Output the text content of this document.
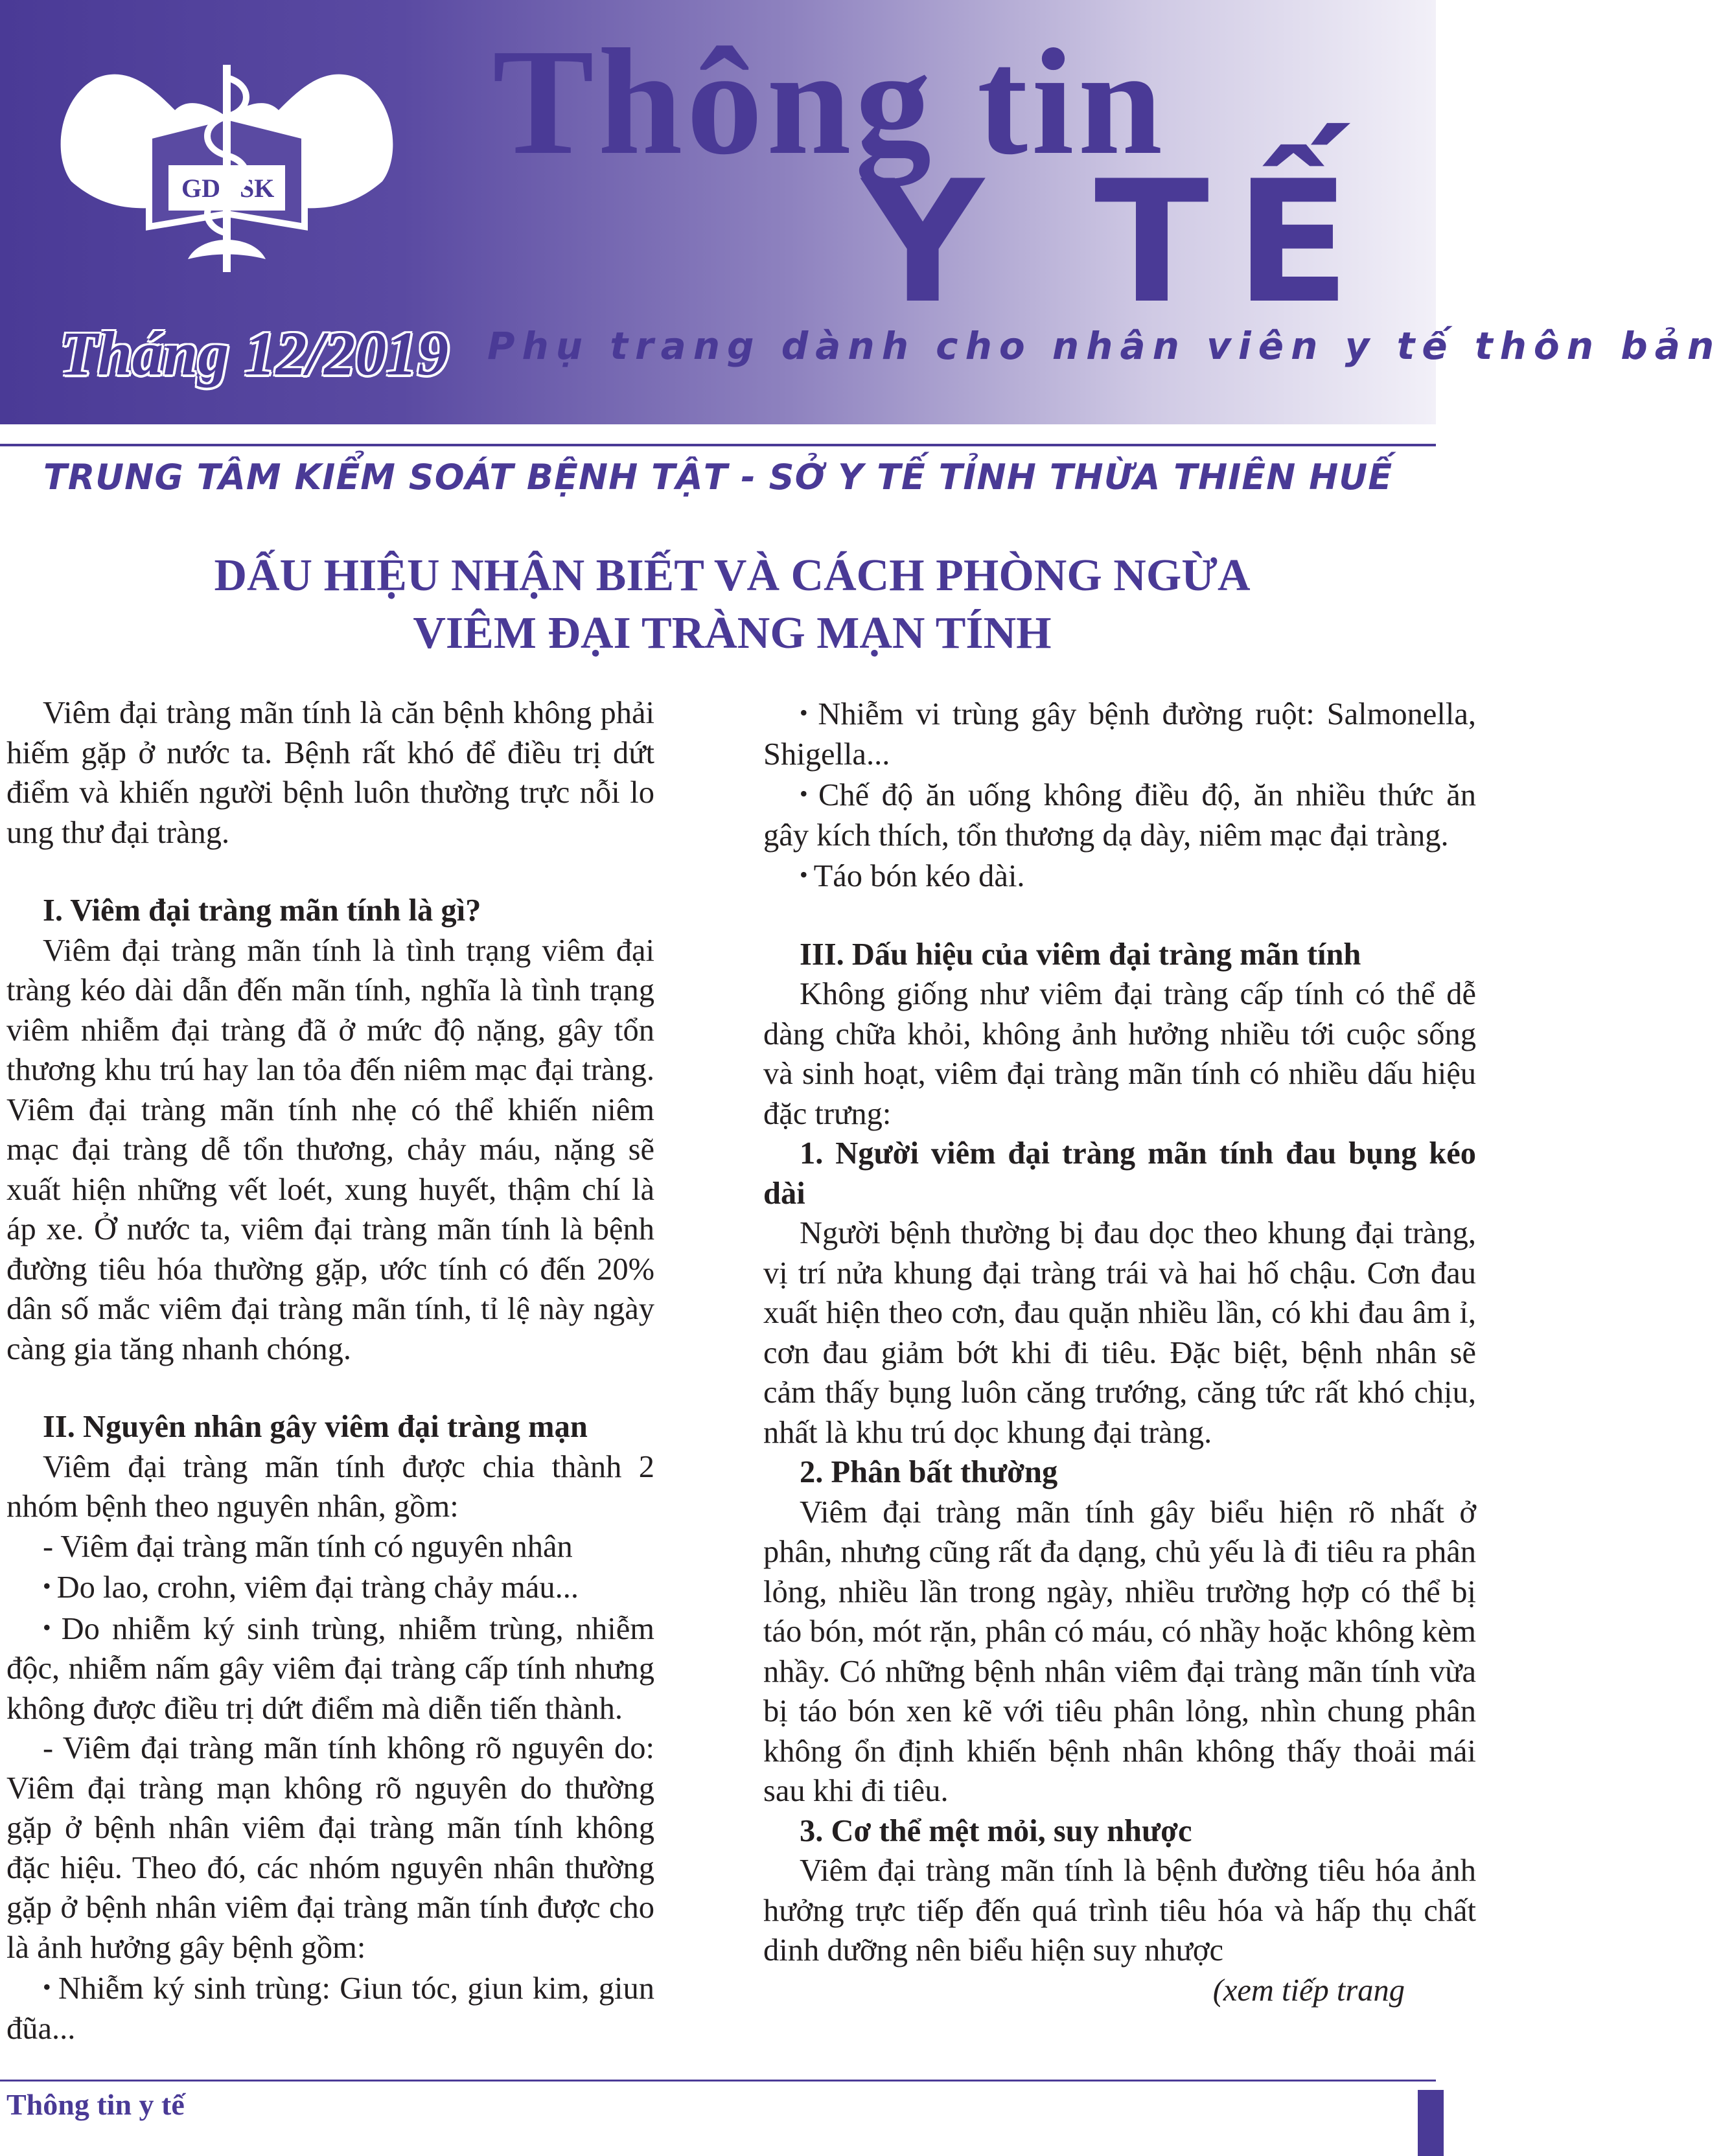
GD SK
Thông tin
Y TẾ
Tháng 12/2019 Phụ trang dành cho nhân viên y tế thôn bản
TRUNG TÂM KIỂM SOÁT BỆNH TẬT - SỞ Y TẾ TỈNH THỪA THIÊN HUẾ
DẤU HIỆU NHẬN BIẾT VÀ CÁCH PHÒNG NGỪA
VIÊM ĐẠI TRÀNG MẠN TÍNH

Viêm đại tràng mãn tính là căn bệnh không phải hiếm gặp ở nước ta. Bệnh rất khó để điều trị dứt điểm và khiến người bệnh luôn thường trực nỗi lo ung thư đại tràng.

I. Viêm đại tràng mãn tính là gì?

Viêm đại tràng mãn tính là tình trạng viêm đại tràng kéo dài dẫn đến mãn tính, nghĩa là tình trạng viêm nhiễm đại tràng đã ở mức độ nặng, gây tổn thương khu trú hay lan tỏa đến niêm mạc đại tràng. Viêm đại tràng mãn tính nhẹ có thể khiến niêm mạc đại tràng dễ tổn thương, chảy máu, nặng sẽ xuất hiện những vết loét, xung huyết, thậm chí là áp xe. Ở nước ta, viêm đại tràng mãn tính là bệnh đường tiêu hóa thường gặp, ước tính có đến 20% dân số mắc viêm đại tràng mãn tính, tỉ lệ này ngày càng gia tăng nhanh chóng.

II. Nguyên nhân gây viêm đại tràng mạn

Viêm đại tràng mãn tính được chia thành 2 nhóm bệnh theo nguyên nhân, gồm:

- Viêm đại tràng mãn tính có nguyên nhân

• Do lao, crohn, viêm đại tràng chảy máu...

• Do nhiễm ký sinh trùng, nhiễm trùng, nhiễm độc, nhiễm nấm gây viêm đại tràng cấp tính nhưng không được điều trị dứt điểm mà diễn tiến thành.

- Viêm đại tràng mãn tính không rõ nguyên do: Viêm đại tràng mạn không rõ nguyên do thường gặp ở bệnh nhân viêm đại tràng mãn tính không đặc hiệu. Theo đó, các nhóm nguyên nhân thường gặp ở bệnh nhân viêm đại tràng mãn tính được cho là ảnh hưởng gây bệnh gồm:

• Nhiễm ký sinh trùng: Giun tóc, giun kim, giun đũa...

• Nhiễm vi trùng gây bệnh đường ruột: Salmonella, Shigella...

• Chế độ ăn uống không điều độ, ăn nhiều thức ăn gây kích thích, tổn thương dạ dày, niêm mạc đại tràng.

• Táo bón kéo dài.

III. Dấu hiệu của viêm đại tràng mãn tính

Không giống như viêm đại tràng cấp tính có thể dễ dàng chữa khỏi, không ảnh hưởng nhiều tới cuộc sống và sinh hoạt, viêm đại tràng mãn tính có nhiều dấu hiệu đặc trưng:

1. Người viêm đại tràng mãn tính đau bụng kéo dài

Người bệnh thường bị đau dọc theo khung đại tràng, vị trí nửa khung đại tràng trái và hai hố chậu. Cơn đau xuất hiện theo cơn, đau quặn nhiều lần, có khi đau âm ỉ, cơn đau giảm bớt khi đi tiêu. Đặc biệt, bệnh nhân sẽ cảm thấy bụng luôn căng trướng, căng tức rất khó chịu, nhất là khu trú dọc khung đại tràng.

2. Phân bất thường

Viêm đại tràng mãn tính gây biểu hiện rõ nhất ở phân, nhưng cũng rất đa dạng, chủ yếu là đi tiêu ra phân lỏng, nhiều lần trong ngày, nhiều trường hợp có thể bị táo bón, mót rặn, phân có máu, có nhầy hoặc không kèm nhầy. Có những bệnh nhân viêm đại tràng mãn tính vừa bị táo bón xen kẽ với tiêu phân lỏng, nhìn chung phân không ổn định khiến bệnh nhân không thấy thoải mái sau khi đi tiêu.

3. Cơ thể mệt mỏi, suy nhược

Viêm đại tràng mãn tính là bệnh đường tiêu hóa ảnh hưởng trực tiếp đến quá trình tiêu hóa và hấp thụ chất dinh dưỡng nên biểu hiện suy nhược

(xem tiếp trang

Thông tin y tế
